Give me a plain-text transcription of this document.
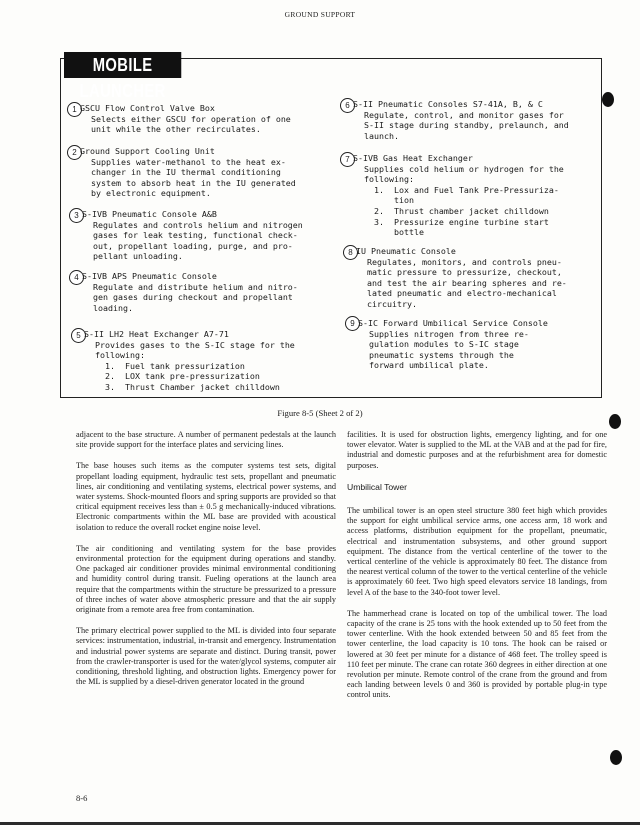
GROUND SUPPORT
MOBILE LAUNCHER
1 GSCU Flow Control Valve Box

Selects either GSCU for operation of one

unit while the other recirculates.

2 Ground Support Cooling Unit

Supplies water-methanol to the heat ex-

changer in the IU thermal conditioning

system to absorb heat in the IU generated

by electronic equipment.

3 S-IVB Pneumatic Console A&B

Regulates and controls helium and nitrogen

gases for leak testing, functional check-

out, propellant loading, purge, and pro-

pellant unloading.

4 S-IVB APS Pneumatic Console

Regulate and distribute helium and nitro-

gen gases during checkout and propellant

loading.

5 S-II LH2 Heat Exchanger A7-71

Provides gases to the S-IC stage for the

following:

1.  Fuel tank pressurization

2.  LOX tank pre-pressurization

3.  Thrust Chamber jacket chilldown

6 S-II Pneumatic Consoles S7-41A, B, & C

Regulate, control, and monitor gases for

S-II stage during standby, prelaunch, and

launch.

7 S-IVB Gas Heat Exchanger

Supplies cold helium or hydrogen for the

following:

1.  Lox and Fuel Tank Pre-Pressuriza-

tion

2.  Thrust chamber jacket chilldown

3.  Pressurize engine turbine start

bottle

8 IU Pneumatic Console

Regulates, monitors, and controls pneu-

matic pressure to pressurize, checkout,

and test the air bearing spheres and re-

lated pneumatic and electro-mechanical

circuitry.

9 S-IC Forward Umbilical Service Console

Supplies nitrogen from three re-

gulation modules to S-IC stage

pneumatic systems through the

forward umbilical plate.

Figure 8-5 (Sheet 2 of 2)

adjacent to the base structure. A number of permanent pedestals at the launch site provide support for the interface plates and servicing lines.

The base houses such items as the computer systems test sets, digital propellant loading equipment, hydraulic test sets, propellant and pneumatic lines, air conditioning and ventilating systems, electrical power systems, and water systems. Shock-mounted floors and spring supports are provided so that critical equipment receives less than ± 0.5 g mechanically-induced vibrations. Electronic compartments within the ML base are provided with acoustical isolation to reduce the overall rocket engine noise level.

The air conditioning and ventilating system for the base provides environmental protection for the equipment during operations and standby. One packaged air conditioner provides minimal environmental conditioning and humidity control during transit. Fueling operations at the launch area require that the compartments within the structure be pressurized to a pressure of three inches of water above atmospheric pressure and that the air supply originate from a remote area free from contamination.

The primary electrical power supplied to the ML is divided into four separate services: instrumentation, industrial, in-transit and emergency. Instrumentation and industrial power systems are separate and distinct. During transit, power from the crawler-transporter is used for the water/glycol systems, computer air conditioning, threshold lighting, and obstruction lights. Emergency power for the ML is supplied by a diesel-driven generator located in the ground

facilities. It is used for obstruction lights, emergency lighting, and for one tower elevator. Water is supplied to the ML at the VAB and at the pad for fire, industrial and domestic purposes and at the refurbishment area for domestic purposes.

Umbilical Tower

The umbilical tower is an open steel structure 380 feet high which provides the support for eight umbilical service arms, one access arm, 18 work and access platforms, distribution equipment for the propellant, pneumatic, electrical and instrumentation subsystems, and other ground support equipment. The distance from the vertical centerline of the tower to the vertical centerline of the vehicle is approximately 80 feet. The distance from the nearest vertical column of the tower to the vertical centerline of the vehicle is approximately 60 feet. Two high speed elevators service 18 landings, from level A of the base to the 340-foot tower level.

The hammerhead crane is located on top of the umbilical tower. The load capacity of the crane is 25 tons with the hook extended up to 50 feet from the tower centerline. With the hook extended between 50 and 85 feet from the tower centerline, the load capacity is 10 tons. The hook can be raised or lowered at 30 feet per minute for a distance of 468 feet. The trolley speed is 110 feet per minute. The crane can rotate 360 degrees in either direction at one revolution per minute. Remote control of the crane from the ground and from each landing between levels 0 and 360 is provided by portable plug-in type control units.

8-6
